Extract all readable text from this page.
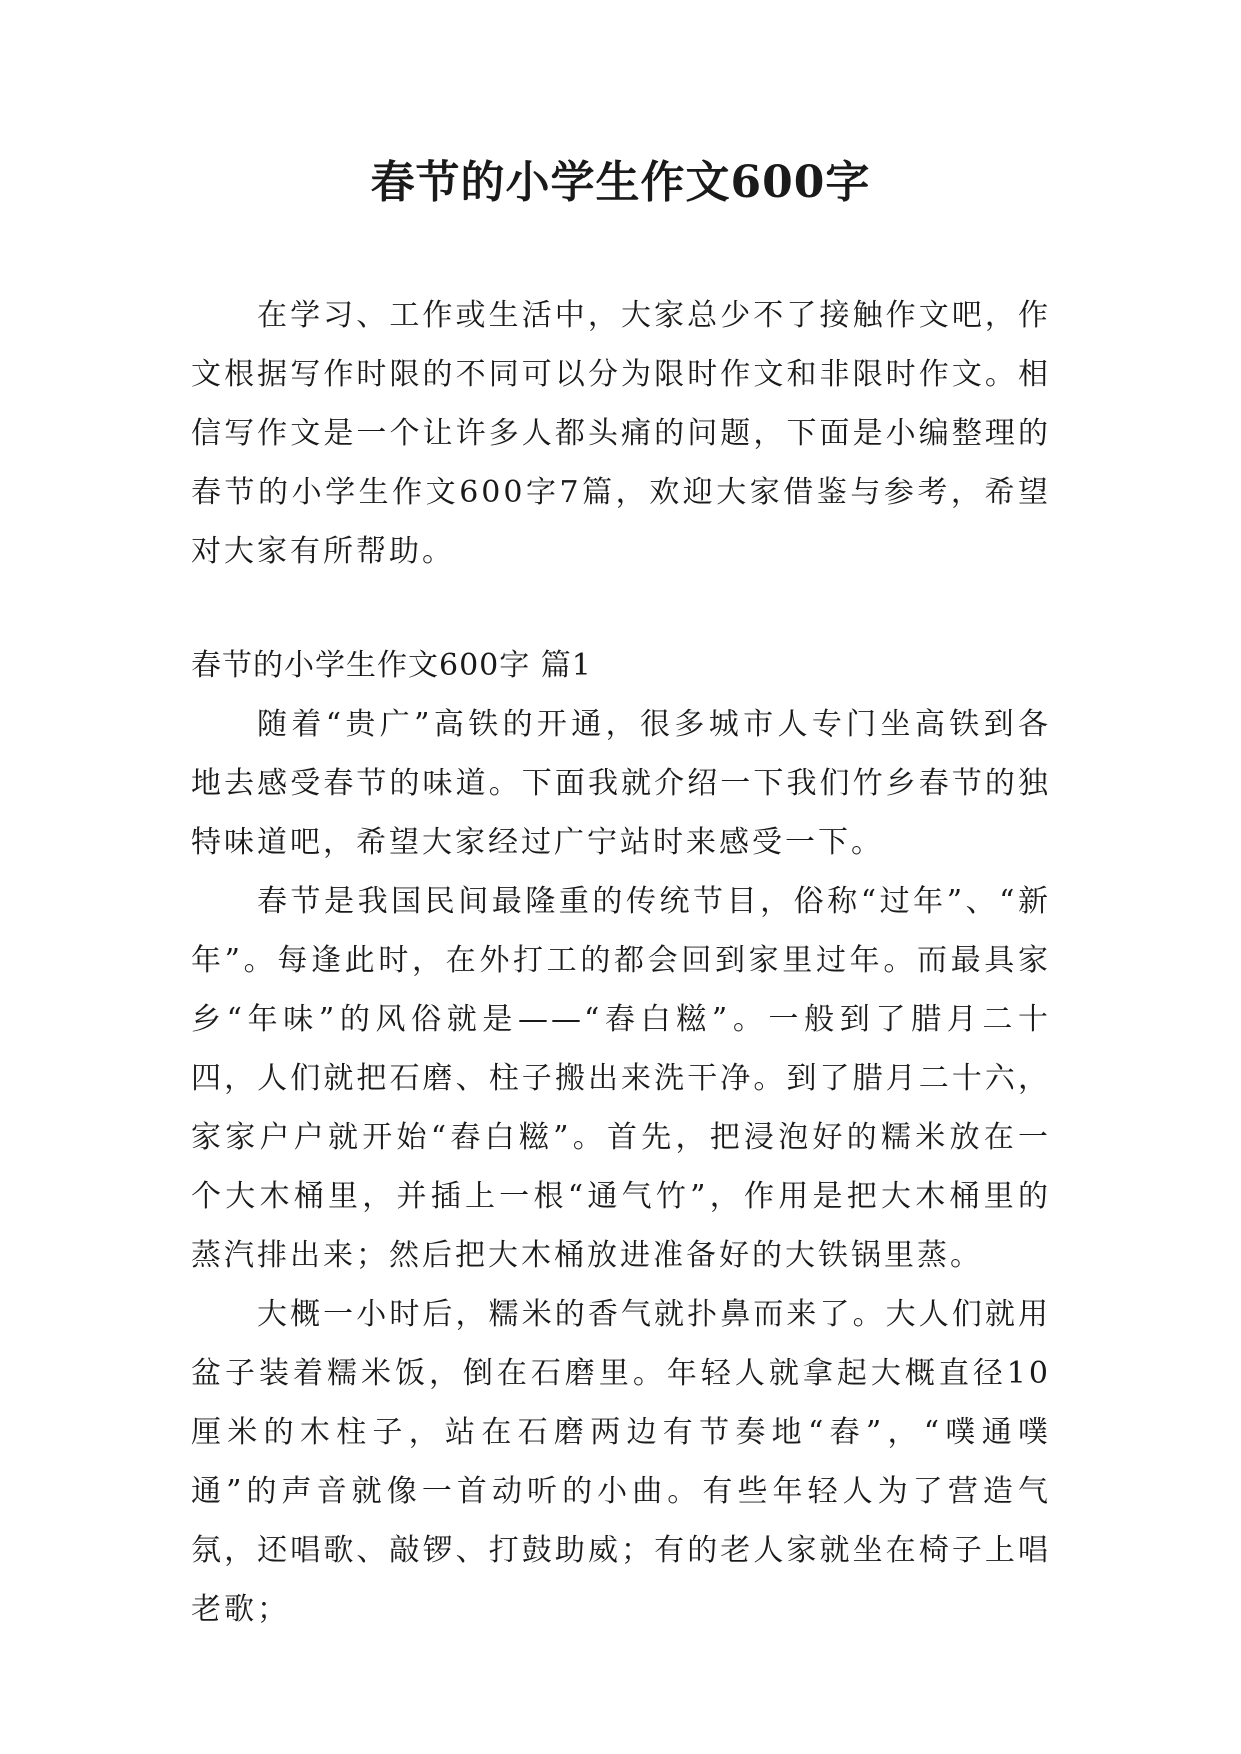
春节的小学生作文600字

在学习、工作或生活中，大家总少不了接触作文吧，作文根据写作时限的不同可以分为限时作文和非限时作文。相信写作文是一个让许多人都头痛的问题，下面是小编整理的春节的小学生作文600字7篇，欢迎大家借鉴与参考，希望对大家有所帮助。

春节的小学生作文600字 篇1

随着“贵广”高铁的开通，很多城市人专门坐高铁到各地去感受春节的味道。下面我就介绍一下我们竹乡春节的独特味道吧，希望大家经过广宁站时来感受一下。

春节是我国民间最隆重的传统节目，俗称“过年”、“新年”。每逢此时，在外打工的都会回到家里过年。而最具家乡“年味”的风俗就是——“舂白糍”。一般到了腊月二十四，人们就把石磨、柱子搬出来洗干净。到了腊月二十六，家家户户就开始“舂白糍”。首先，把浸泡好的糯米放在一个大木桶里，并插上一根“通气竹”，作用是把大木桶里的蒸汽排出来；然后把大木桶放进准备好的大铁锅里蒸。

大概一小时后，糯米的香气就扑鼻而来了。大人们就用盆子装着糯米饭，倒在石磨里。年轻人就拿起大概直径10厘米的木柱子，站在石磨两边有节奏地“舂”，“噗通噗通”的声音就像一首动听的小曲。有些年轻人为了营造气氛，还唱歌、敲锣、打鼓助威；有的老人家就坐在椅子上唱老歌；
